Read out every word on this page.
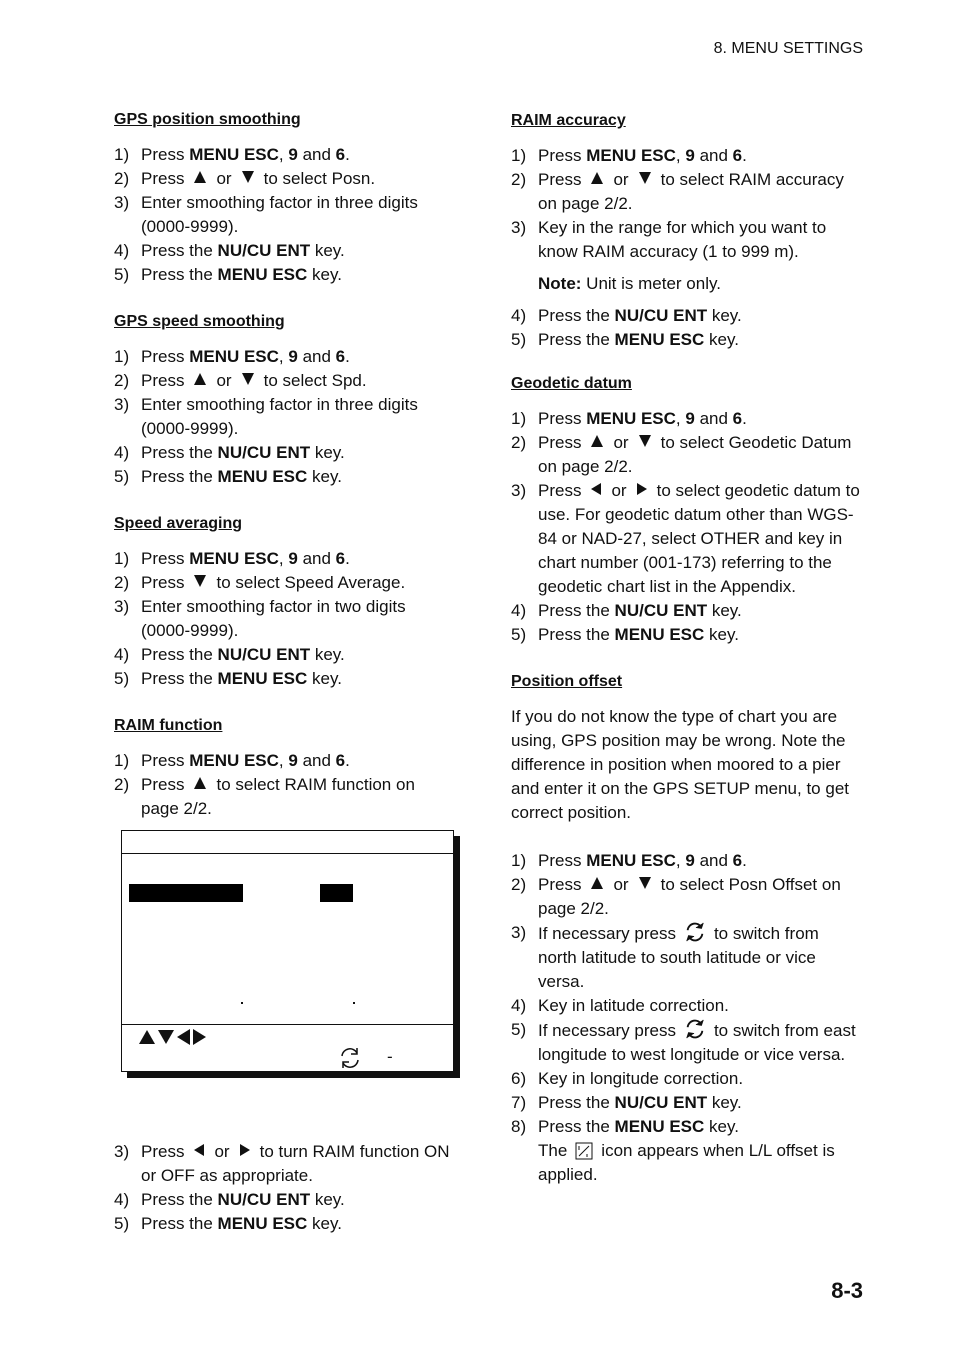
8. MENU SETTINGS
GPS position smoothing
1) Press MENU ESC, 9 and 6.
2) Press or to select Posn.
3) Enter smoothing factor in three digits (0000-9999).
4) Press the NU/CU ENT key.
5) Press the MENU ESC key.
GPS speed smoothing
1) Press MENU ESC, 9 and 6.
2) Press or to select Spd.
3) Enter smoothing factor in three digits (0000-9999).
4) Press the NU/CU ENT key.
5) Press the MENU ESC key.
Speed averaging
1) Press MENU ESC, 9 and 6.
2) Press to select Speed Average.
3) Enter smoothing factor in two digits (0000-9999).
4) Press the NU/CU ENT key.
5) Press the MENU ESC key.
RAIM function
1) Press MENU ESC, 9 and 6.
2) Press to select RAIM function on page 2/2.
-
3) Press or to turn RAIM function ON or OFF as appropriate.
4) Press the NU/CU ENT key.
5) Press the MENU ESC key.
RAIM accuracy
1) Press MENU ESC, 9 and 6.
2) Press or to select RAIM accuracy on page 2/2.
3) Key in the range for which you want to know RAIM accuracy (1 to 999 m).
Note: Unit is meter only.
4) Press the NU/CU ENT key.
5) Press the MENU ESC key.
Geodetic datum
1) Press MENU ESC, 9 and 6.
2) Press or to select Geodetic Datum on page 2/2.
3) Press or to select geodetic datum to use. For geodetic datum other than WGS-84 or NAD-27, select OTHER and key in chart number (001-173) referring to the geodetic chart list in the Appendix.
4) Press the NU/CU ENT key.
5) Press the MENU ESC key.
Position offset
If you do not know the type of chart you are using, GPS position may be wrong. Note the difference in position when moored to a pier and enter it on the GPS SETUP menu, to get correct position.
1) Press MENU ESC, 9 and 6.
2) Press or to select Posn Offset on page 2/2.
3) If necessary press to switch from north latitude to south latitude or vice versa.
4) Key in latitude correction.
5) If necessary press to switch from east longitude to west longitude or vice versa.
6) Key in longitude correction.
7) Press the NU/CU ENT key.
8) Press the MENU ESC key.
The icon appears when L/L offset is applied.
8-3
